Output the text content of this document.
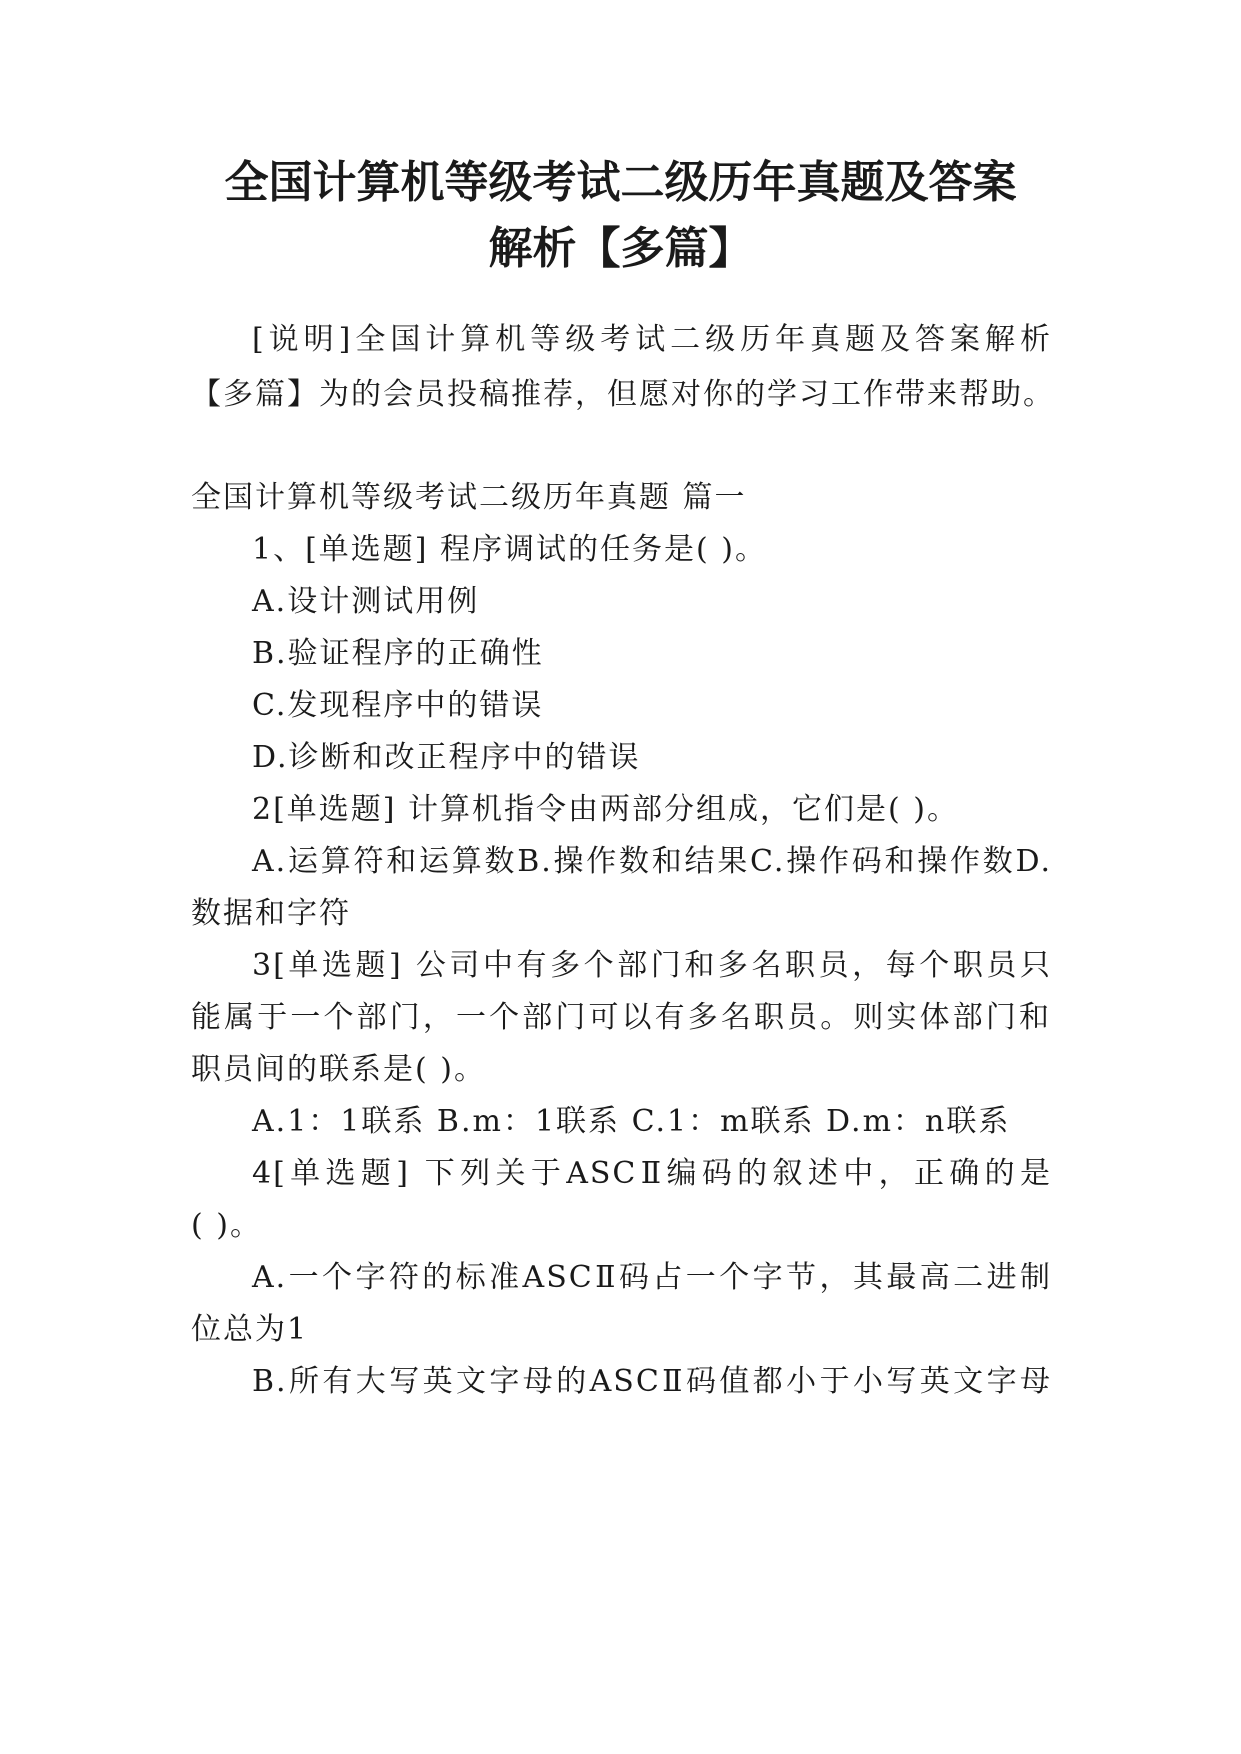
全国计算机等级考试二级历年真题及答案
解析【多篇】

[说明]全国计算机等级考试二级历年真题及答案解析

【多篇】为的会员投稿推荐，但愿对你的学习工作带来帮助。

全国计算机等级考试二级历年真题 篇一

1、[单选题] 程序调试的任务是( )。

A.设计测试用例

B.验证程序的正确性

C.发现程序中的错误

D.诊断和改正程序中的错误

2[单选题] 计算机指令由两部分组成，它们是( )。

A.运算符和运算数B.操作数和结果C.操作码和操作数D.

数据和字符

3[单选题] 公司中有多个部门和多名职员，每个职员只

能属于一个部门，一个部门可以有多名职员。则实体部门和

职员间的联系是( )。

A.1：1联系 B.m：1联系 C.1：m联系 D.m：n联系

4[单选题] 下列关于ASCⅡ编码的叙述中，正确的是

( )。

A.一个字符的标准ASCⅡ码占一个字节，其最高二进制

位总为1

B.所有大写英文字母的ASCⅡ码值都小于小写英文字母
